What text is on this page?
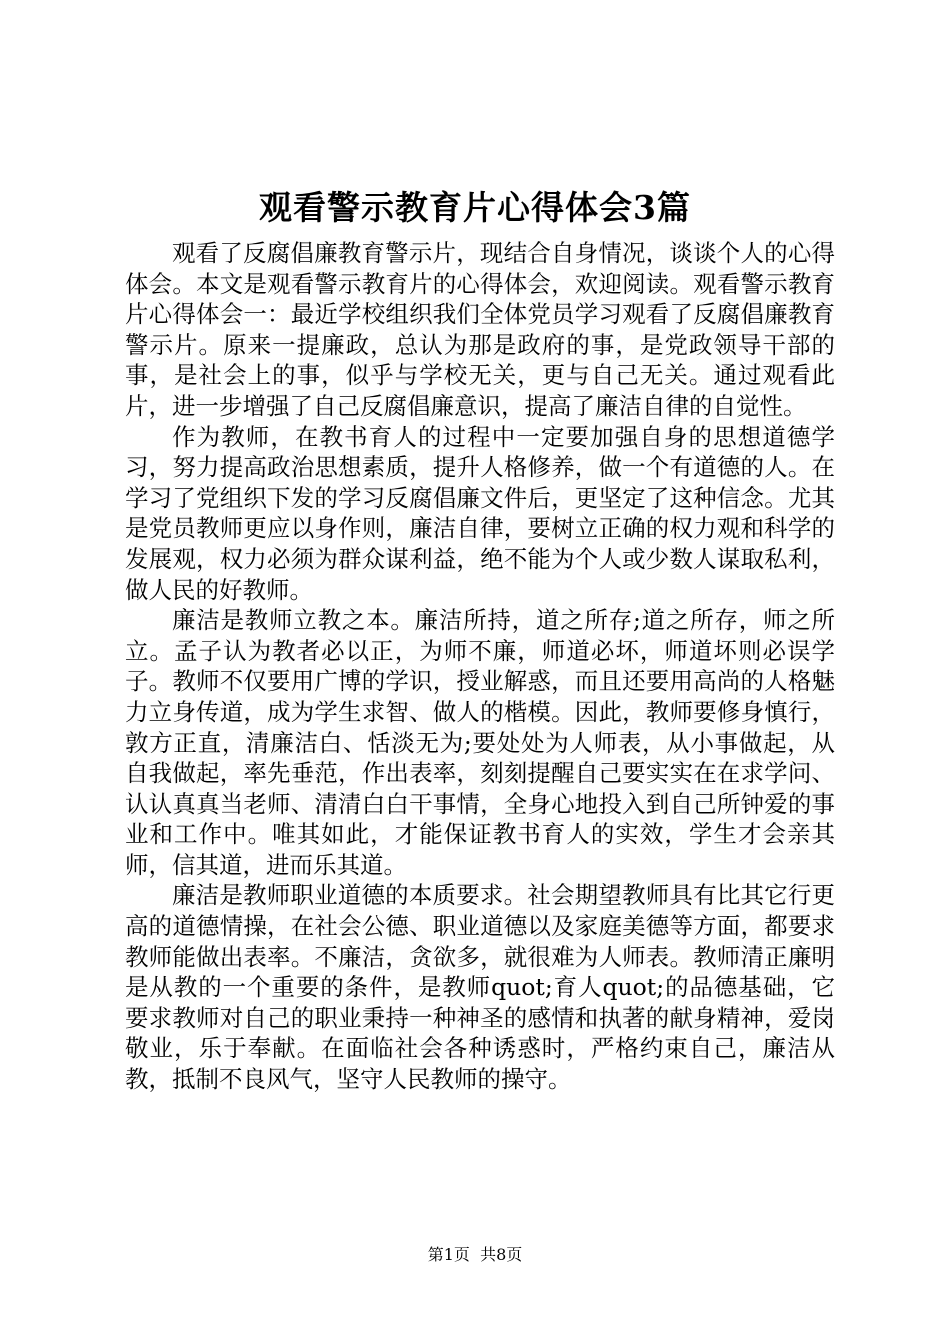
观看警示教育片心得体会3篇

观看了反腐倡廉教育警示片，现结合自身情况，谈谈个人的心得体会。本文是观看警示教育片的心得体会，欢迎阅读。观看警示教育片心得体会一：最近学校组织我们全体党员学习观看了反腐倡廉教育警示片。原来一提廉政，总认为那是政府的事，是党政领导干部的事，是社会上的事，似乎与学校无关，更与自己无关。通过观看此片，进一步增强了自己反腐倡廉意识，提高了廉洁自律的自觉性。

作为教师，在教书育人的过程中一定要加强自身的思想道德学习，努力提高政治思想素质，提升人格修养，做一个有道德的人。在学习了党组织下发的学习反腐倡廉文件后，更坚定了这种信念。尤其是党员教师更应以身作则，廉洁自律，要树立正确的权力观和科学的发展观，权力必须为群众谋利益，绝不能为个人或少数人谋取私利，做人民的好教师。

廉洁是教师立教之本。廉洁所持，道之所存;道之所存，师之所立。孟子认为教者必以正，为师不廉，师道必坏，师道坏则必误学子。教师不仅要用广博的学识，授业解惑，而且还要用高尚的人格魅力立身传道，成为学生求智、做人的楷模。因此，教师要修身慎行，敦方正直，清廉洁白、恬淡无为;要处处为人师表，从小事做起，从自我做起，率先垂范，作出表率，刻刻提醒自己要实实在在求学问、认认真真当老师、清清白白干事情，全身心地投入到自己所钟爱的事业和工作中。唯其如此，才能保证教书育人的实效，学生才会亲其师，信其道，进而乐其道。

廉洁是教师职业道德的本质要求。社会期望教师具有比其它行更高的道德情操，在社会公德、职业道德以及家庭美德等方面，都要求教师能做出表率。不廉洁，贪欲多，就很难为人师表。教师清正廉明是从教的一个重要的条件，是教师quot;育人quot;的品德基础，它要求教师对自己的职业秉持一种神圣的感情和执著的献身精神，爱岗敬业，乐于奉献。在面临社会各种诱惑时，严格约束自己，廉洁从教，抵制不良风气，坚守人民教师的操守。

第1页 共8页
